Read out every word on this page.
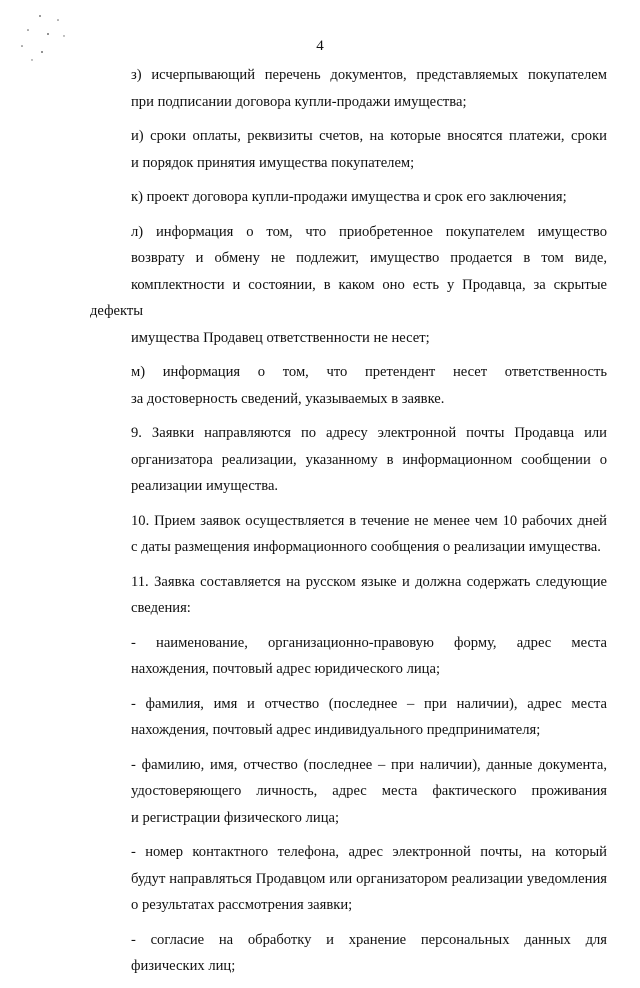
4

з) исчерпывающий перечень документов, представляемых покупателем
при подписании договора купли-продажи имущества;

и) сроки оплаты, реквизиты счетов, на которые вносятся платежи, сроки
и порядок принятия имущества покупателем;

к) проект договора купли-продажи имущества и срок его заключения;

л) информация о том, что приобретенное покупателем имущество
возврату и обмену не подлежит, имущество продается в том виде,
комплектности и состоянии, в каком оно есть у Продавца, за скрытые дефекты
имущества Продавец ответственности не несет;

м) информация о том, что претендент несет ответственность
за достоверность сведений, указываемых в заявке.

9. Заявки направляются по адресу электронной почты Продавца или
организатора реализации, указанному в информационном сообщении о
реализации имущества.

10. Прием заявок осуществляется в течение не менее чем 10 рабочих дней
с даты размещения информационного сообщения о реализации имущества.

11. Заявка составляется на русском языке и должна содержать следующие
сведения:

- наименование, организационно-правовую форму, адрес места
нахождения, почтовый адрес юридического лица;

- фамилия, имя и отчество (последнее – при наличии), адрес места
нахождения, почтовый адрес индивидуального предпринимателя;

- фамилию, имя, отчество (последнее – при наличии), данные документа,
удостоверяющего личность, адрес места фактического проживания
и регистрации физического лица;

- номер контактного телефона, адрес электронной почты, на который
будут направляться Продавцом или организатором реализации уведомления
о результатах рассмотрения заявки;

- согласие на обработку и хранение персональных данных для
физических лиц;
